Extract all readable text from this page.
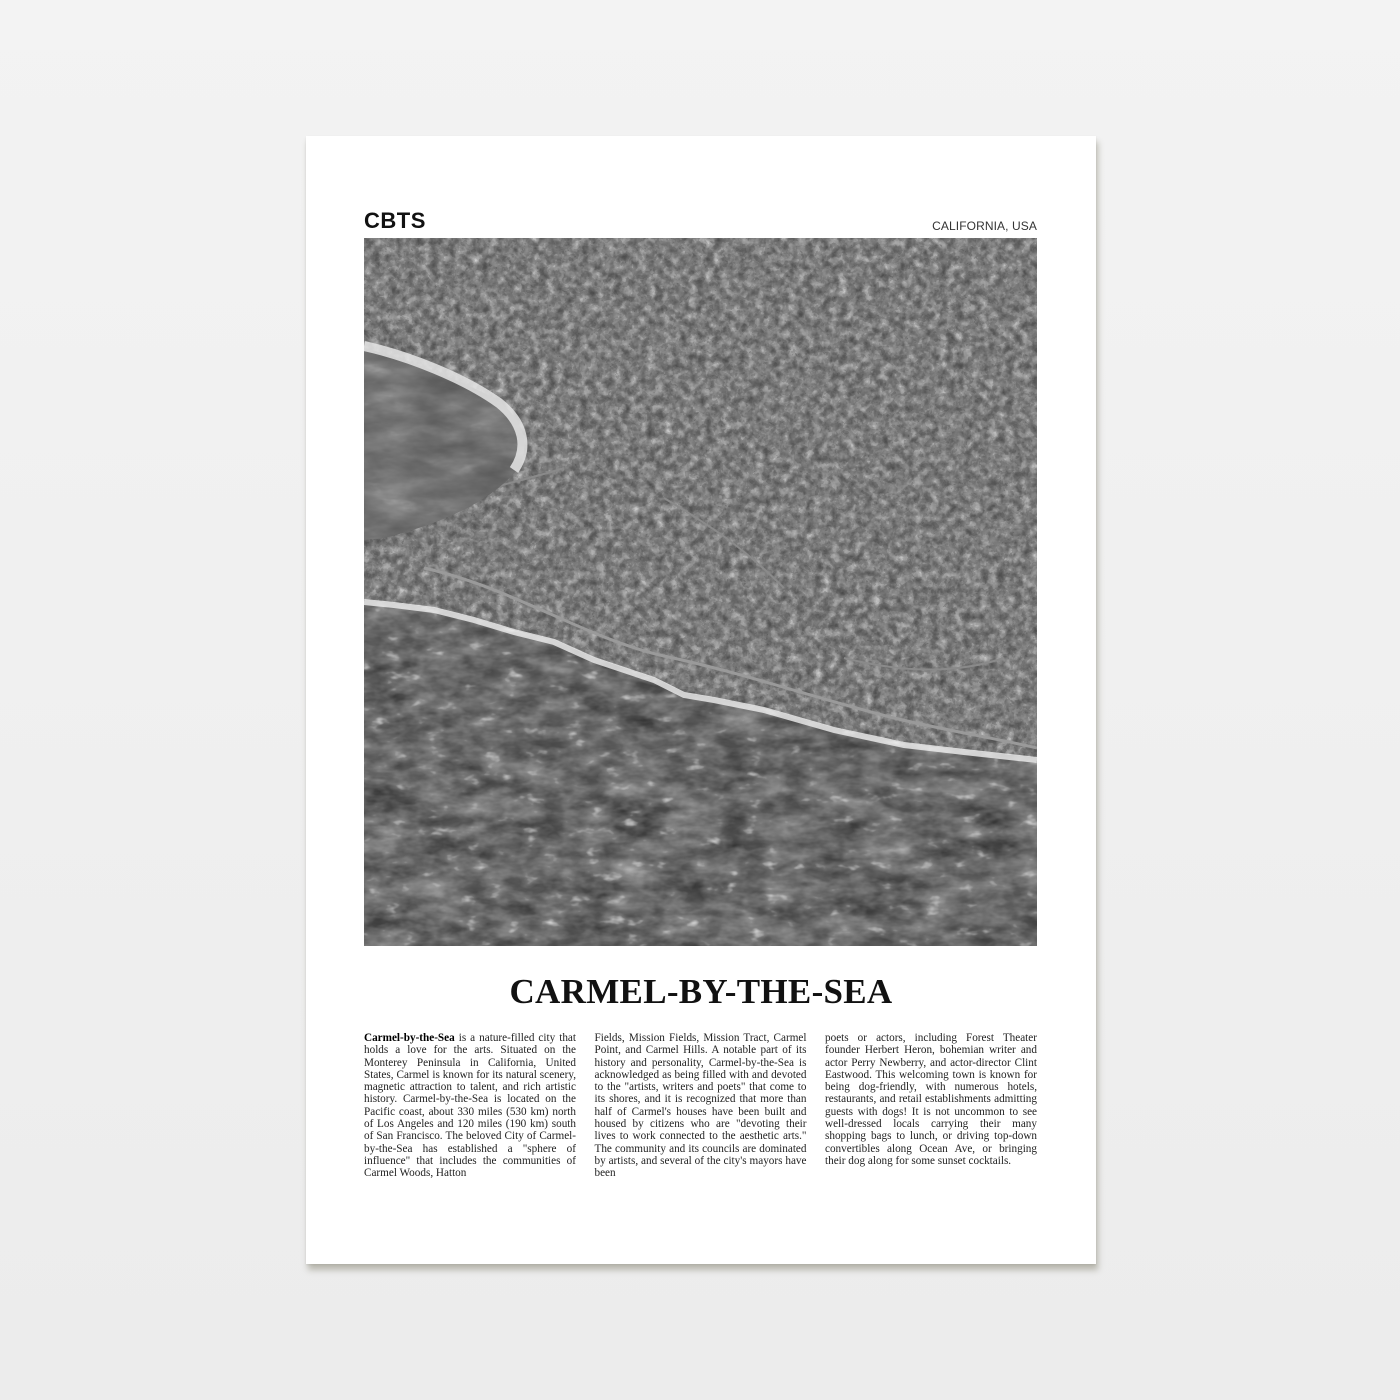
CBTS	CALIFORNIA, USA
CARMEL-BY-THE-SEA
Carmel-by-the-Sea is a nature-filled city that holds a love for the arts. Situated on the Monterey Peninsula in California, United States, Carmel is known for its natural scenery, magnetic attraction to talent, and rich artistic history. Carmel-by-the-Sea is located on the Pacific coast, about 330 miles (530 km) north of Los Angeles and 120 miles (190 km) south of San Francisco. The beloved City of Carmel-by-the-Sea has established a "sphere of influence" that includes the communities of Carmel Woods, Hatton
Fields, Mission Fields, Mission Tract, Carmel Point, and Carmel Hills. A notable part of its history and personality, Carmel-by-the-Sea is acknowledged as being filled with and devoted to the "artists, writers and poets" that come to its shores, and it is recognized that more than half of Carmel's houses have been built and housed by citizens who are "devoting their lives to work connected to the aesthetic arts." The community and its councils are dominated by artists, and several of the city's mayors have been
poets or actors, including Forest Theater founder Herbert Heron, bohemian writer and actor Perry Newberry, and actor-director Clint Eastwood. This welcoming town is known for being dog-friendly, with numerous hotels, restaurants, and retail establishments admitting guests with dogs! It is not uncommon to see well-dressed locals carrying their many shopping bags to lunch, or driving top-down convertibles along Ocean Ave, or bringing their dog along for some sunset cocktails.
